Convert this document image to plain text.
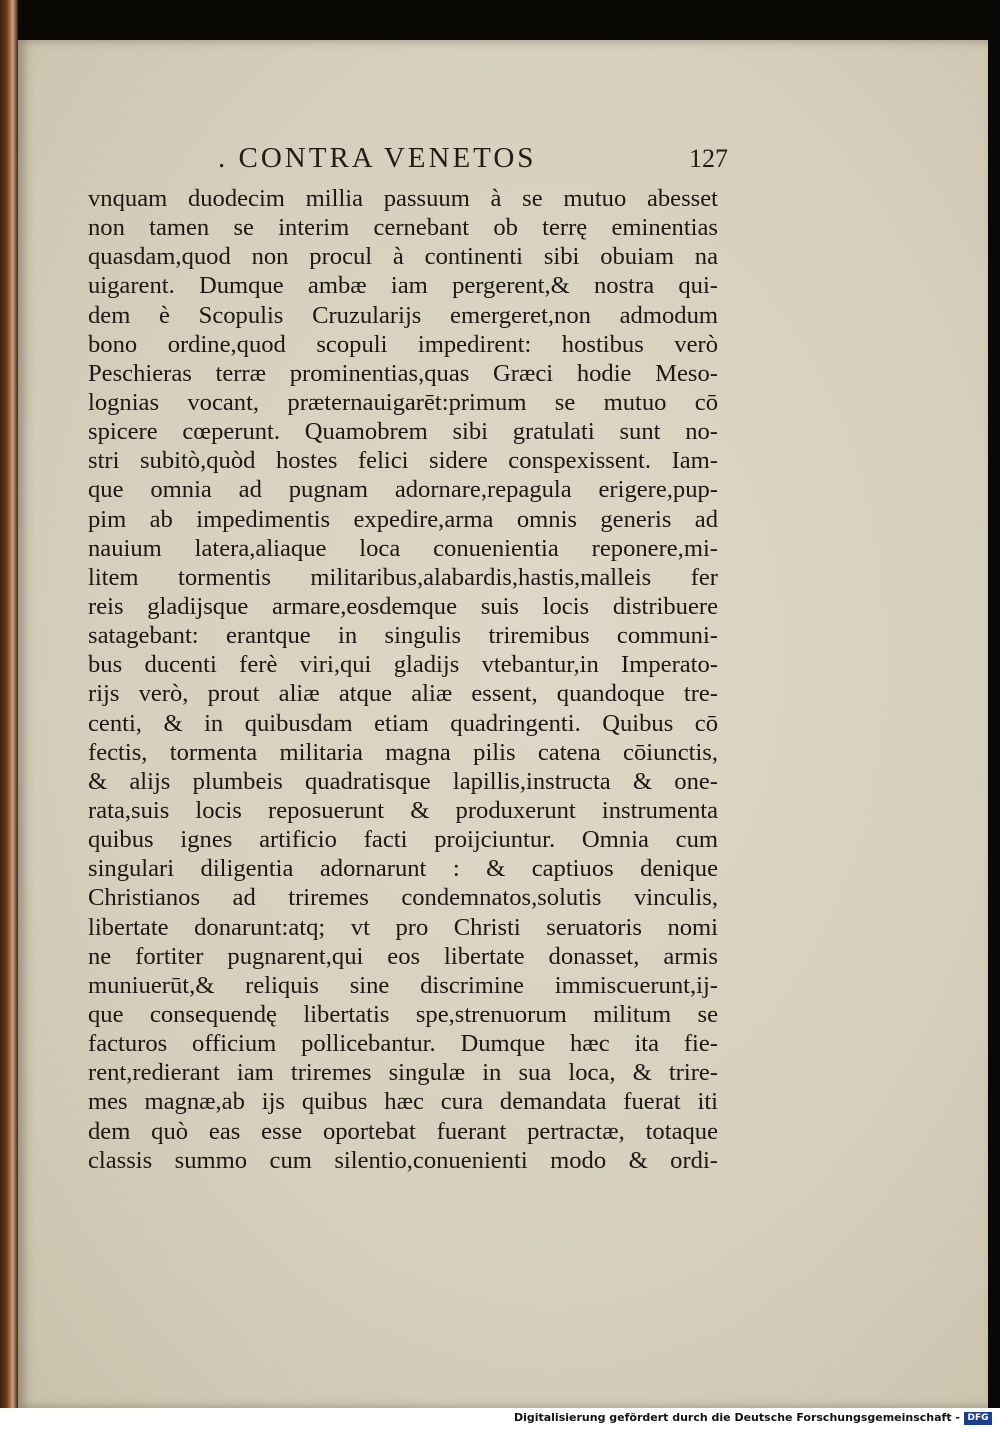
. CONTRA VENETOS	127
vnquam duodecim millia passuum à se mutuo abesset
non tamen se interim cernebant ob terrę eminentias
quasdam,quod non procul à continenti sibi obuiam na
uigarent. Dumque ambæ iam pergerent,& nostra qui-
dem è Scopulis Cruzularijs emergeret,non admodum
bono ordine,quod scopuli impedirent: hostibus verò
Peschieras terræ prominentias,quas Græci hodie Meso-
lognias vocant, præternauigarēt:primum se mutuo cō
spicere cœperunt. Quamobrem sibi gratulati sunt no-
stri subitò,quòd hostes felici sidere conspexissent. Iam-
que omnia ad pugnam adornare,repagula erigere,pup-
pim ab impedimentis expedire,arma omnis generis ad
nauium latera,aliaque loca conuenientia reponere,mi-
litem tormentis militaribus,alabardis,hastis,malleis fer
reis gladijsque armare,eosdemque suis locis distribuere
satagebant: erantque in singulis triremibus communi-
bus ducenti ferè viri,qui gladijs vtebantur,in Imperato-
rijs verò, prout aliæ atque aliæ essent, quandoque tre-
centi, & in quibusdam etiam quadringenti. Quibus cō
fectis, tormenta militaria magna pilis catena cōiunctis,
& alijs plumbeis quadratisque lapillis,instructa & one-
rata,suis locis reposuerunt & produxerunt instrumenta
quibus ignes artificio facti proijciuntur. Omnia cum
singulari diligentia adornarunt : & captiuos denique
Christianos ad triremes condemnatos,solutis vinculis,
libertate donarunt:atq; vt pro Christi seruatoris nomi
ne fortiter pugnarent,qui eos libertate donasset, armis
muniuerūt,& reliquis sine discrimine immiscuerunt,ij-
que consequendę libertatis spe,strenuorum militum se
facturos officium pollicebantur. Dumque hæc ita fie-
rent,redierant iam triremes singulæ in sua loca, & trire-
mes magnæ,ab ijs quibus hæc cura demandata fuerat iti
dem quò eas esse oportebat fuerant pertractæ, totaque
classis summo cum silentio,conuenienti modo & ordi-
Digitalisierung gefördert durch die Deutsche Forschungsgemeinschaft - DFG
